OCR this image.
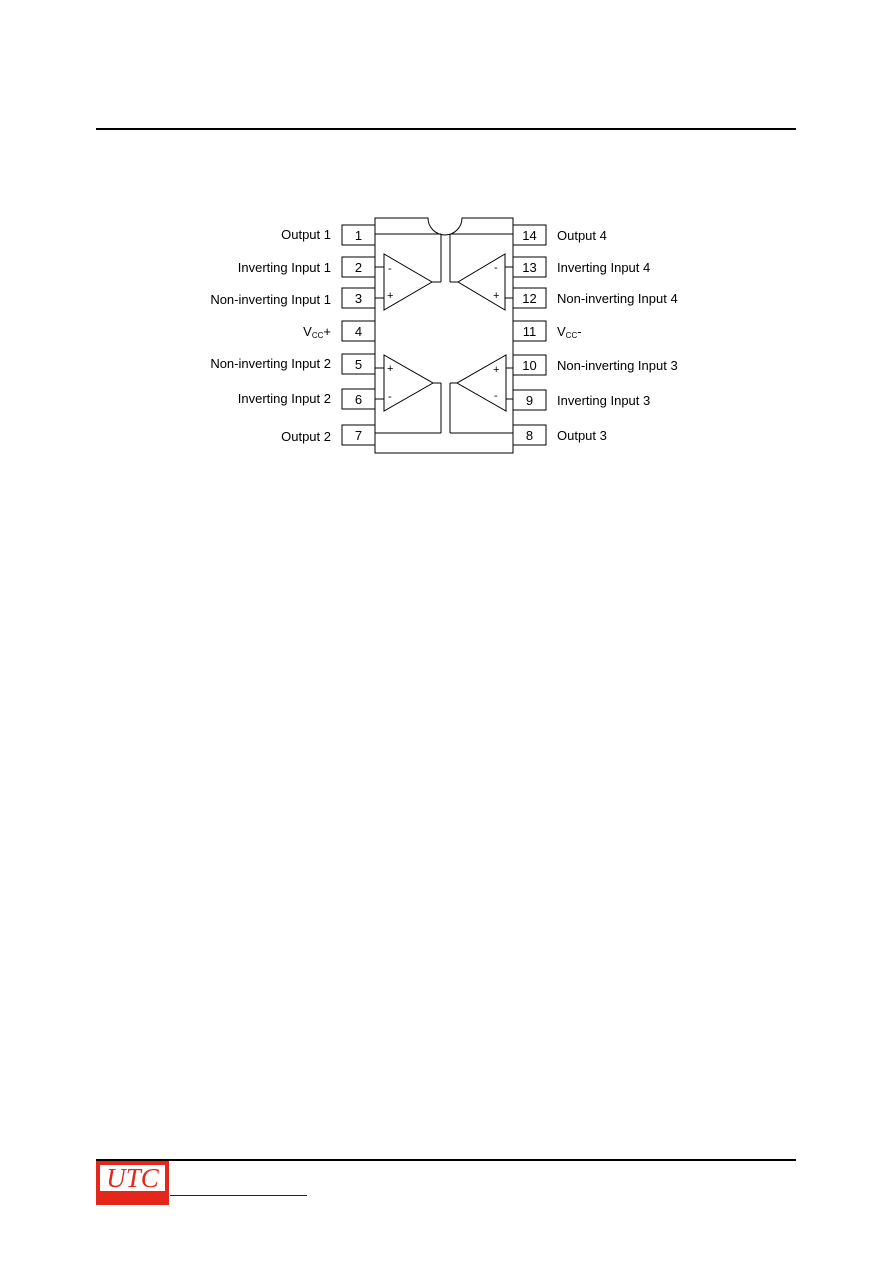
1
2
3
4
5
6
7	8
9
10
11
12
13
14
Output 1
Inverting Input 1
Non-inverting Input 1
VCC+
Non-inverting Input 2
Inverting Input 2
Output 2
Output 4
Inverting Input 4
Non-inverting Input 4
VCC-
Non-inverting Input 3
Inverting Input 3
Output 3
-
+
-
+
+
-
+
-
UTC
